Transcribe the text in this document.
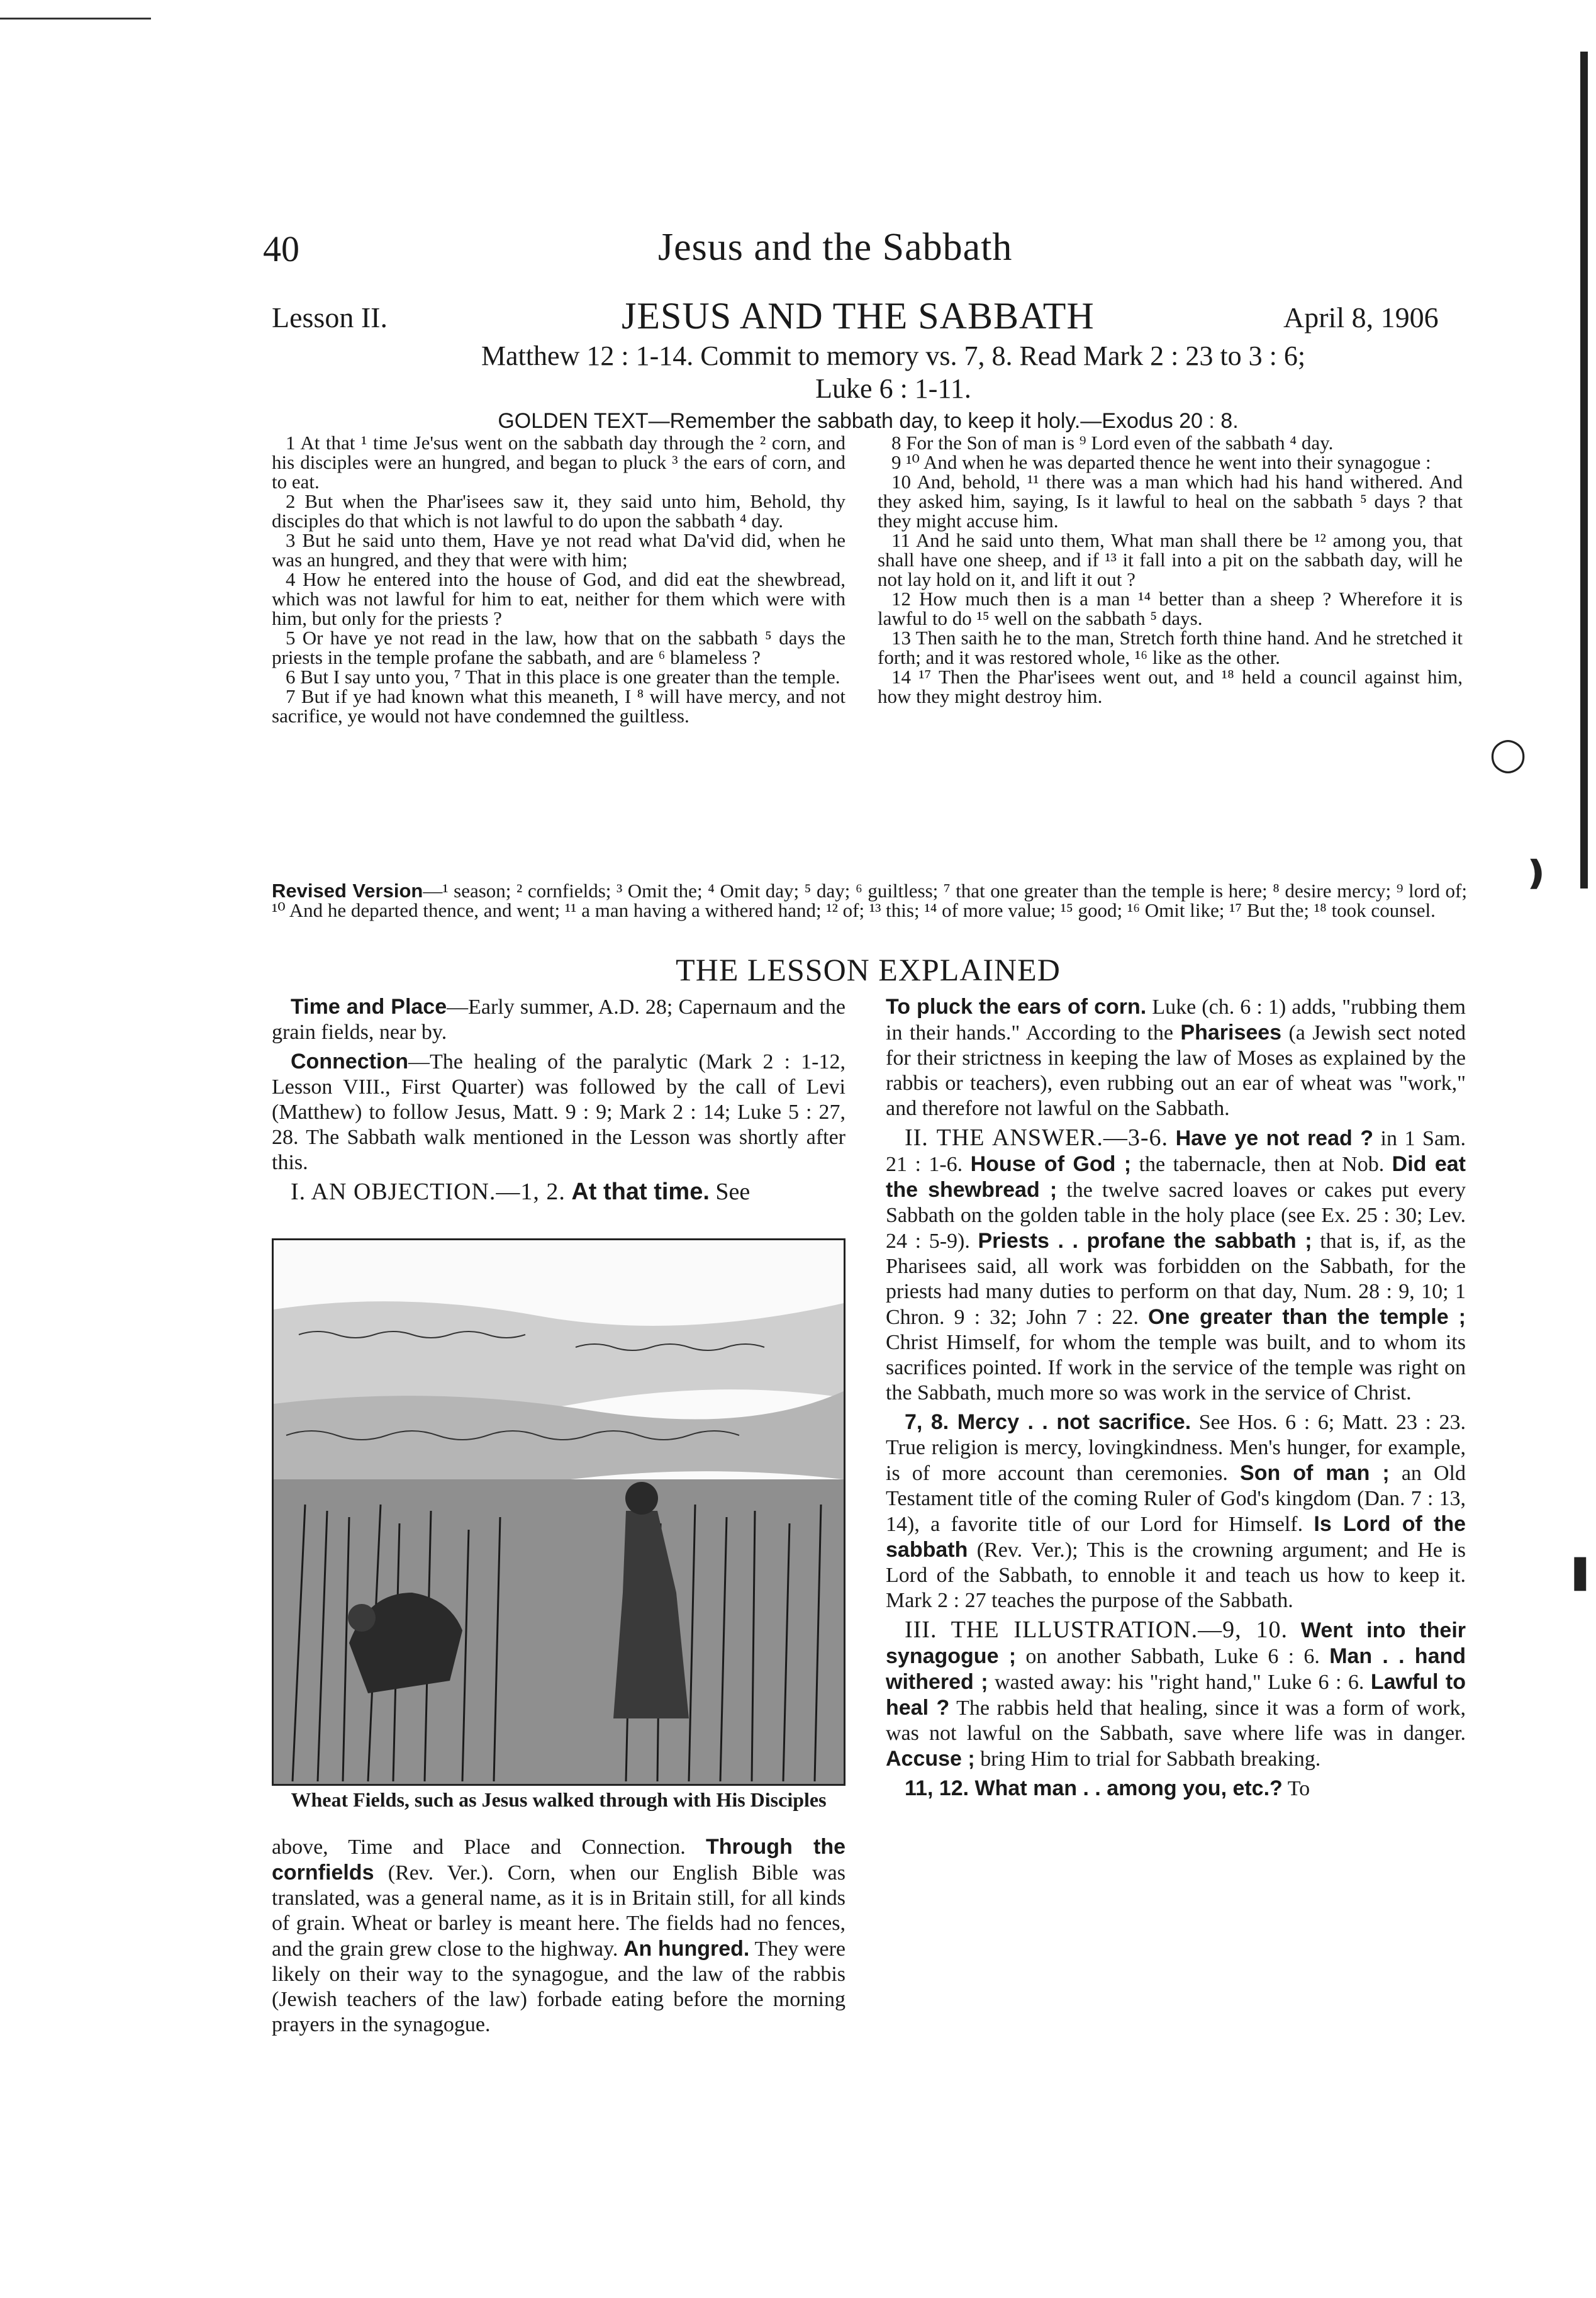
◯
❫
❚
40	Jesus and the Sabbath
Lesson II.	JESUS AND THE SABBATH	April 8, 1906
Matthew 12 : 1-14. Commit to memory vs. 7, 8. Read Mark 2 : 23 to 3 : 6;
Luke 6 : 1-11.
GOLDEN TEXT—Remember the sabbath day, to keep it holy.—Exodus 20 : 8.

1 At that ¹ time Je'sus went on the sabbath day through the ² corn, and his disciples were an hungred, and began to pluck ³ the ears of corn, and to eat.

2 But when the Phar'isees saw it, they said unto him, Behold, thy disciples do that which is not lawful to do upon the sabbath ⁴ day.

3 But he said unto them, Have ye not read what Da'vid did, when he was an hungred, and they that were with him;

4 How he entered into the house of God, and did eat the shewbread, which was not lawful for him to eat, neither for them which were with him, but only for the priests ?

5 Or have ye not read in the law, how that on the sabbath ⁵ days the priests in the temple profane the sabbath, and are ⁶ blameless ?

6 But I say unto you, ⁷ That in this place is one greater than the temple.

7 But if ye had known what this meaneth, I ⁸ will have mercy, and not sacrifice, ye would not have condemned the guiltless.

8 For the Son of man is ⁹ Lord even of the sabbath ⁴ day.

9 ¹⁰ And when he was departed thence he went into their synagogue :

10 And, behold, ¹¹ there was a man which had his hand withered. And they asked him, saying, Is it lawful to heal on the sabbath ⁵ days ? that they might accuse him.

11 And he said unto them, What man shall there be ¹² among you, that shall have one sheep, and if ¹³ it fall into a pit on the sabbath day, will he not lay hold on it, and lift it out ?

12 How much then is a man ¹⁴ better than a sheep ? Wherefore it is lawful to do ¹⁵ well on the sabbath ⁵ days.

13 Then saith he to the man, Stretch forth thine hand. And he stretched it forth; and it was restored whole, ¹⁶ like as the other.

14 ¹⁷ Then the Phar'isees went out, and ¹⁸ held a council against him, how they might destroy him.

Revised Version—¹ season; ² cornfields; ³ Omit the; ⁴ Omit day; ⁵ day; ⁶ guiltless; ⁷ that one greater than the temple is here; ⁸ desire mercy; ⁹ lord of; ¹⁰ And he departed thence, and went; ¹¹ a man having a withered hand; ¹² of; ¹³ this; ¹⁴ of more value; ¹⁵ good; ¹⁶ Omit like; ¹⁷ But the; ¹⁸ took counsel.
THE LESSON EXPLAINED

Time and Place—Early summer, A.D. 28; Capernaum and the grain fields, near by.

Connection—The healing of the paralytic (Mark 2 : 1-12, Lesson VIII., First Quarter) was followed by the call of Levi (Matthew) to follow Jesus, Matt. 9 : 9; Mark 2 : 14; Luke 5 : 27, 28. The Sabbath walk mentioned in the Lesson was shortly after this.

I. AN OBJECTION.—1, 2. At that time. See

Wheat Fields, such as Jesus walked through with His Disciples

above, Time and Place and Connection. Through the cornfields (Rev. Ver.). Corn, when our English Bible was translated, was a general name, as it is in Britain still, for all kinds of grain. Wheat or barley is meant here. The fields had no fences, and the grain grew close to the highway. An hungred. They were likely on their way to the synagogue, and the law of the rabbis (Jewish teachers of the law) forbade eating before the morning prayers in the synagogue.

To pluck the ears of corn. Luke (ch. 6 : 1) adds, "rubbing them in their hands." According to the Pharisees (a Jewish sect noted for their strictness in keeping the law of Moses as explained by the rabbis or teachers), even rubbing out an ear of wheat was "work," and therefore not lawful on the Sabbath.

II. THE ANSWER.—3-6. Have ye not read ? in 1 Sam. 21 : 1-6. House of God ; the tabernacle, then at Nob. Did eat the shewbread ; the twelve sacred loaves or cakes put every Sabbath on the golden table in the holy place (see Ex. 25 : 30; Lev. 24 : 5-9). Priests . . profane the sabbath ; that is, if, as the Pharisees said, all work was forbidden on the Sabbath, for the priests had many duties to perform on that day, Num. 28 : 9, 10; 1 Chron. 9 : 32; John 7 : 22. One greater than the temple ; Christ Himself, for whom the temple was built, and to whom its sacrifices pointed. If work in the service of the temple was right on the Sabbath, much more so was work in the service of Christ.

7, 8. Mercy . . not sacrifice. See Hos. 6 : 6; Matt. 23 : 23. True religion is mercy, lovingkindness. Men's hunger, for example, is of more account than ceremonies. Son of man ; an Old Testament title of the coming Ruler of God's kingdom (Dan. 7 : 13, 14), a favorite title of our Lord for Himself. Is Lord of the sabbath (Rev. Ver.); This is the crowning argument; and He is Lord of the Sabbath, to ennoble it and teach us how to keep it. Mark 2 : 27 teaches the purpose of the Sabbath.

III. THE ILLUSTRATION.—9, 10. Went into their synagogue ; on another Sabbath, Luke 6 : 6. Man . . hand withered ; wasted away: his "right hand," Luke 6 : 6. Lawful to heal ? The rabbis held that healing, since it was a form of work, was not lawful on the Sabbath, save where life was in danger. Accuse ; bring Him to trial for Sabbath breaking.

11, 12. What man . . among you, etc.? To
